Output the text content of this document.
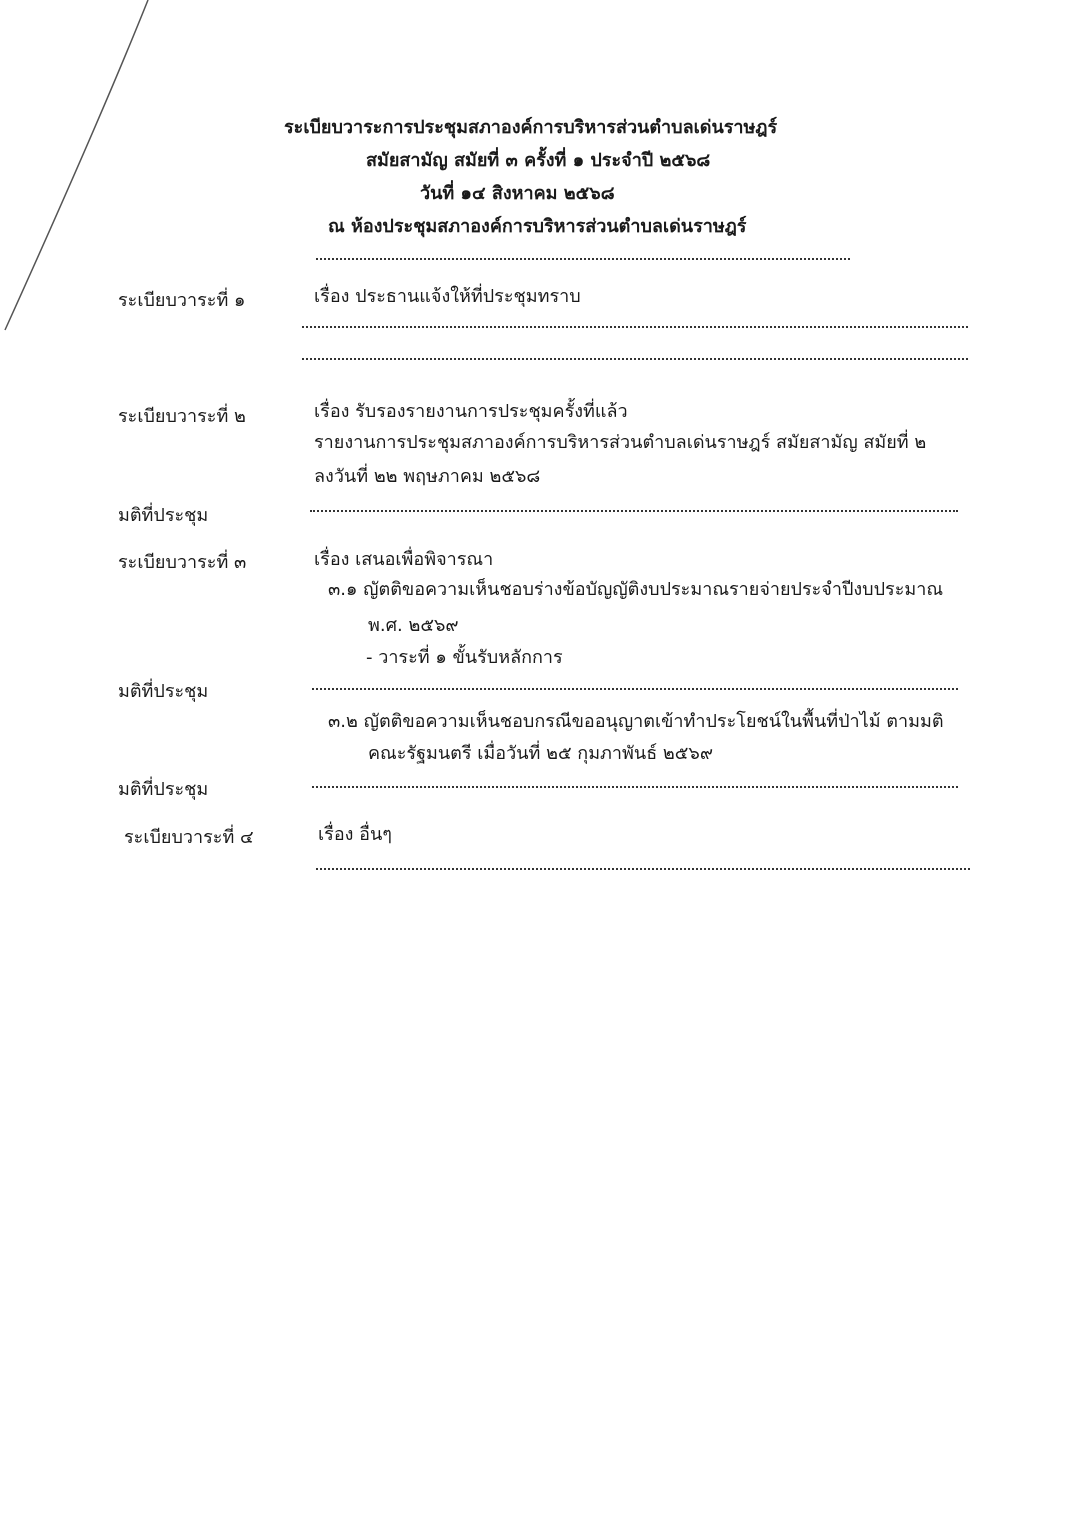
ระเบียบวาระการประชุมสภาองค์การบริหารส่วนตำบลเด่นราษฎร์
สมัยสามัญ สมัยที่ ๓ ครั้งที่ ๑ ประจำปี ๒๕๖๘
วันที่ ๑๔ สิงหาคม ๒๕๖๘
ณ ห้องประชุมสภาองค์การบริหารส่วนตำบลเด่นราษฎร์
ระเบียบวาระที่ ๑	เรื่อง ประธานแจ้งให้ที่ประชุมทราบ
ระเบียบวาระที่ ๒	เรื่อง รับรองรายงานการประชุมครั้งที่แล้ว
รายงานการประชุมสภาองค์การบริหารส่วนตำบลเด่นราษฎร์ สมัยสามัญ สมัยที่ ๒
ลงวันที่ ๒๒ พฤษภาคม ๒๕๖๘
มติที่ประชุม
ระเบียบวาระที่ ๓	เรื่อง เสนอเพื่อพิจารณา
๓.๑ ญัตติขอความเห็นชอบร่างข้อบัญญัติงบประมาณรายจ่ายประจำปีงบประมาณ
พ.ศ. ๒๕๖๙
- วาระที่ ๑ ขั้นรับหลักการ
มติที่ประชุม
๓.๒ ญัตติขอความเห็นชอบกรณีขออนุญาตเข้าทำประโยชน์ในพื้นที่ป่าไม้ ตามมติ
คณะรัฐมนตรี เมื่อวันที่ ๒๕ กุมภาพันธ์ ๒๕๖๙
มติที่ประชุม
ระเบียบวาระที่ ๔	เรื่อง อื่นๆ
